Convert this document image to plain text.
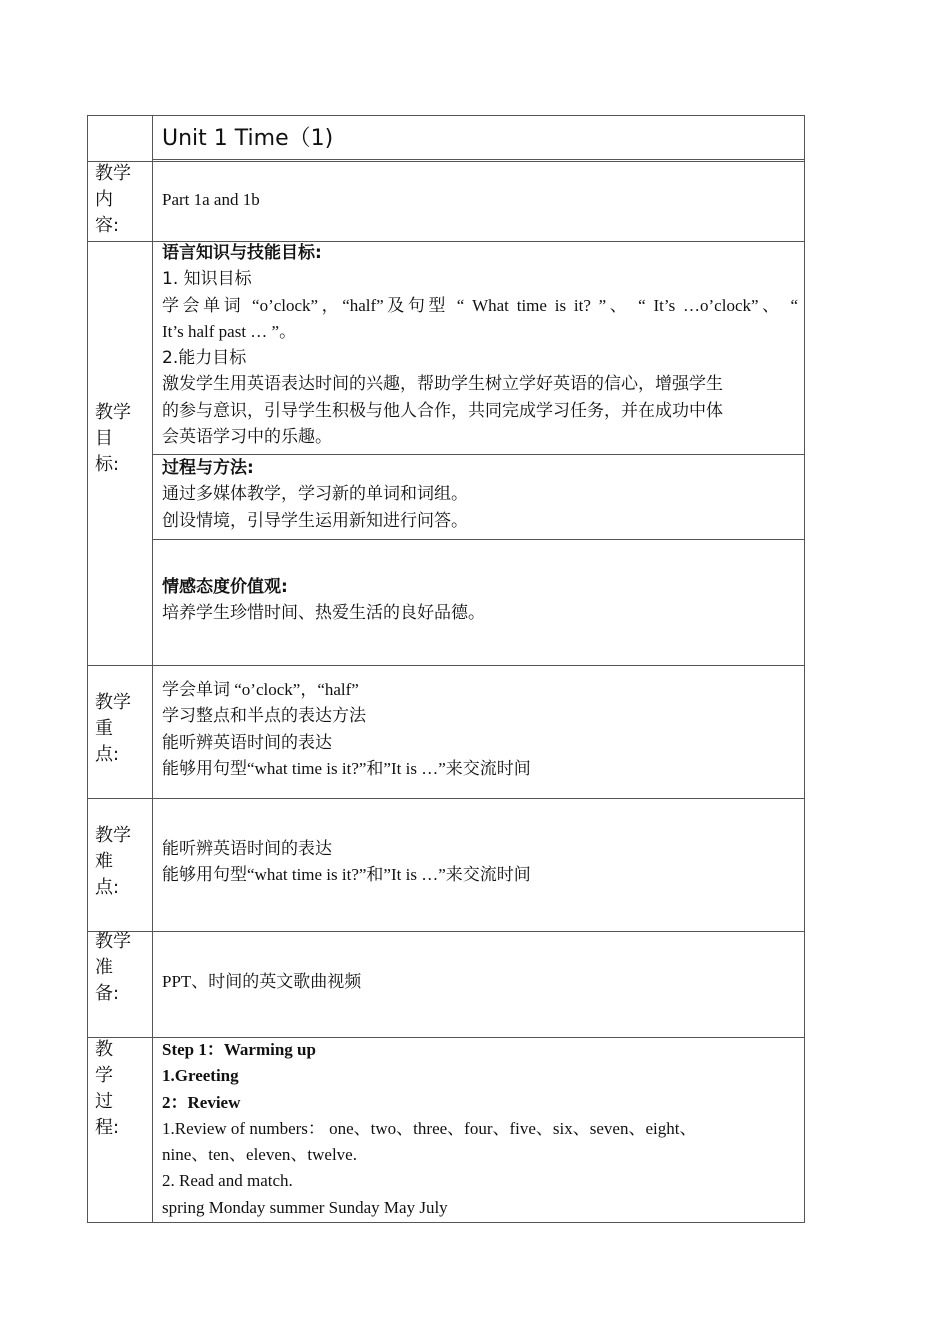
Unit 1 Time（1)
教学
内
容:
Part 1a and 1b
教学
目
标:
语言知识与技能目标:
1. 知识目标
学会单词 “o’clock”，“half”及句型 “ What time is it? ”、 “ It’s …o’clock”、 “
It’s half past … ”。
2.能力目标
激发学生用英语表达时间的兴趣，帮助学生树立学好英语的信心，增强学生
的参与意识，引导学生积极与他人合作，共同完成学习任务，并在成功中体
会英语学习中的乐趣。
过程与方法:
通过多媒体教学，学习新的单词和词组。
创设情境，引导学生运用新知进行问答。
情感态度价值观:
培养学生珍惜时间、热爱生活的良好品德。
教学
重
点:
学会单词 “o’clock”，“half”
学习整点和半点的表达方法
能听辨英语时间的表达
能够用句型“what time is it?”和”It is …”来交流时间
教学
难
点:
能听辨英语时间的表达
能够用句型“what time is it?”和”It is …”来交流时间
教学
准
备:
PPT、时间的英文歌曲视频
教
学
过
程:
Step 1：Warming up
1.Greeting
2：Review
1.Review of numbers： one、two、three、four、five、six、seven、eight、
nine、ten、eleven、twelve.
2. Read and match.
spring Monday summer Sunday May July
